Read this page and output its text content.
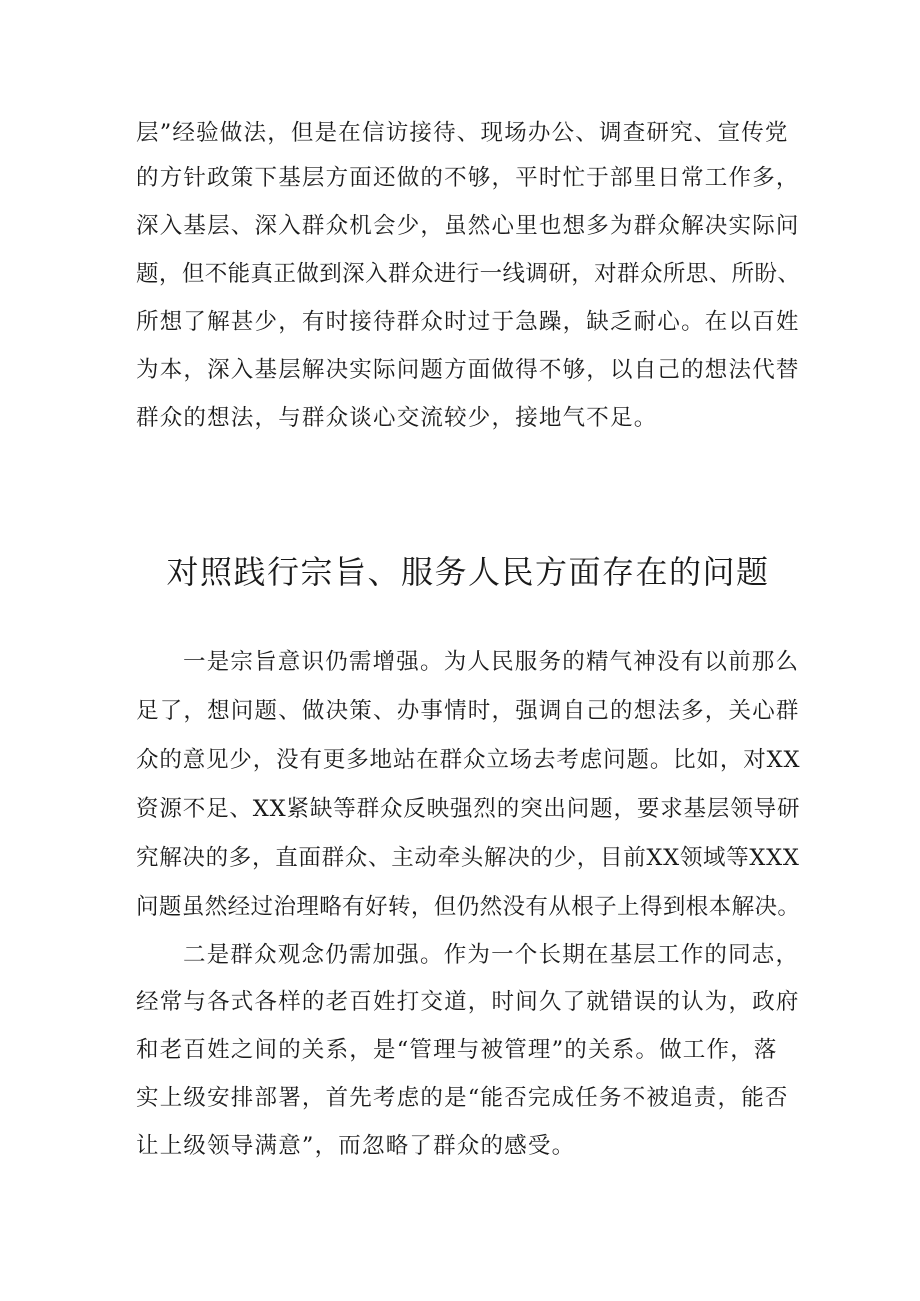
层”经验做法，但是在信访接待、现场办公、调查研究、宣传党
的方针政策下基层方面还做的不够，平时忙于部里日常工作多，
深入基层、深入群众机会少，虽然心里也想多为群众解决实际问
题，但不能真正做到深入群众进行一线调研，对群众所思、所盼、
所想了解甚少，有时接待群众时过于急躁，缺乏耐心。在以百姓
为本，深入基层解决实际问题方面做得不够，以自己的想法代替
群众的想法，与群众谈心交流较少，接地气不足。
对照践行宗旨、服务人民方面存在的问题
一是宗旨意识仍需增强。为人民服务的精气神没有以前那么
足了，想问题、做决策、办事情时，强调自己的想法多，关心群
众的意见少，没有更多地站在群众立场去考虑问题。比如，对XX
资源不足、XX紧缺等群众反映强烈的突出问题，要求基层领导研
究解决的多，直面群众、主动牵头解决的少，目前XX领域等XXX
问题虽然经过治理略有好转，但仍然没有从根子上得到根本解决。
二是群众观念仍需加强。作为一个长期在基层工作的同志，
经常与各式各样的老百姓打交道，时间久了就错误的认为，政府
和老百姓之间的关系，是“管理与被管理”的关系。做工作，落
实上级安排部署，首先考虑的是“能否完成任务不被追责，能否
让上级领导满意”，而忽略了群众的感受。
